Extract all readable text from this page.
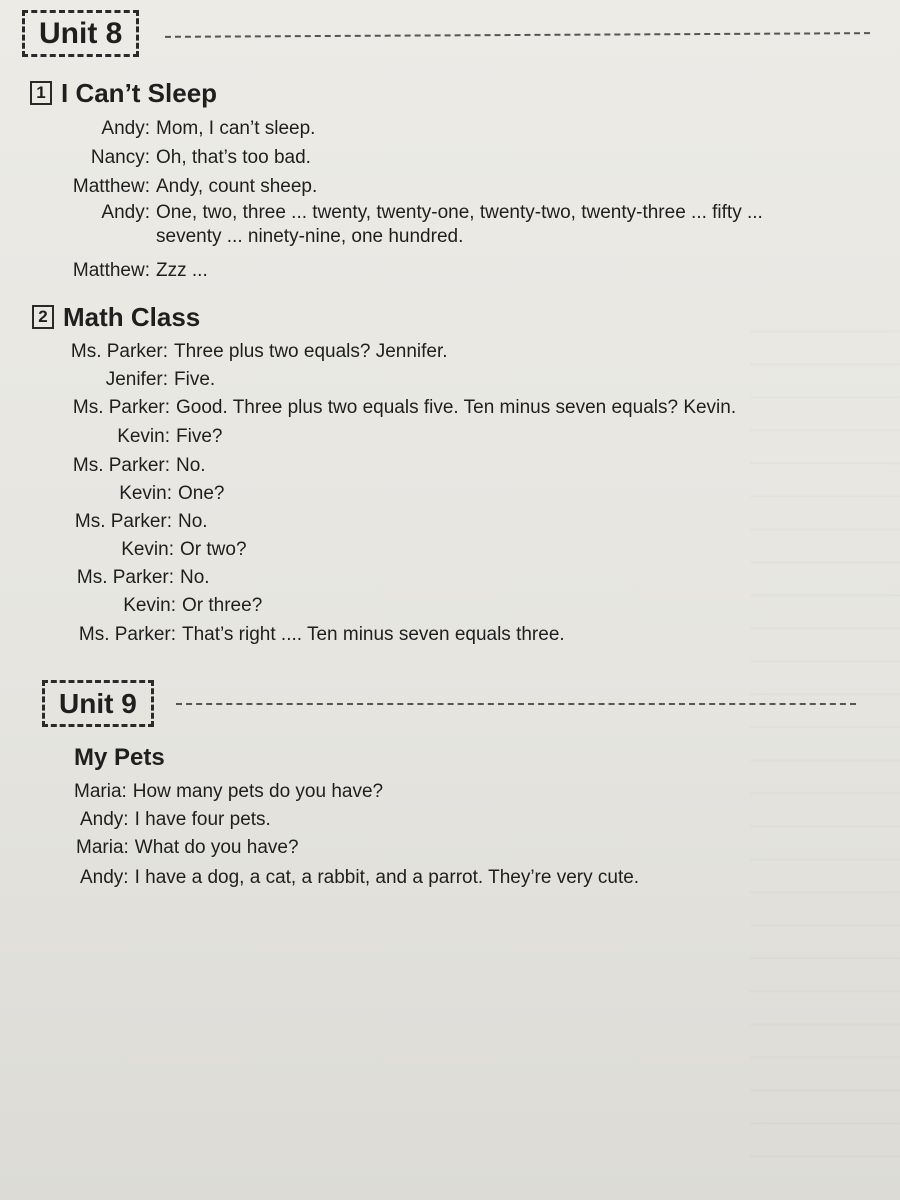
Unit 8
1 I Can’t Sleep
Andy: Mom, I can’t sleep.
Nancy: Oh, that’s too bad.
Matthew: Andy, count sheep.
Andy: One, two, three ... twenty, twenty-one, twenty-two, twenty-three ... fifty ...
seventy ... ninety-nine, one hundred.
Matthew: Zzz ...
2 Math Class
Ms. Parker: Three plus two equals? Jennifer.
Jenifer: Five.
Ms. Parker: Good. Three plus two equals five. Ten minus seven equals? Kevin.
Kevin: Five?
Ms. Parker: No.
Kevin: One?
Ms. Parker: No.
Kevin: Or two?
Ms. Parker: No.
Kevin: Or three?
Ms. Parker: That’s right .... Ten minus seven equals three.
Unit 9
My Pets
Maria: How many pets do you have?
Andy: I have four pets.
Maria: What do you have?
Andy: I have a dog, a cat, a rabbit, and a parrot. They’re very cute.
